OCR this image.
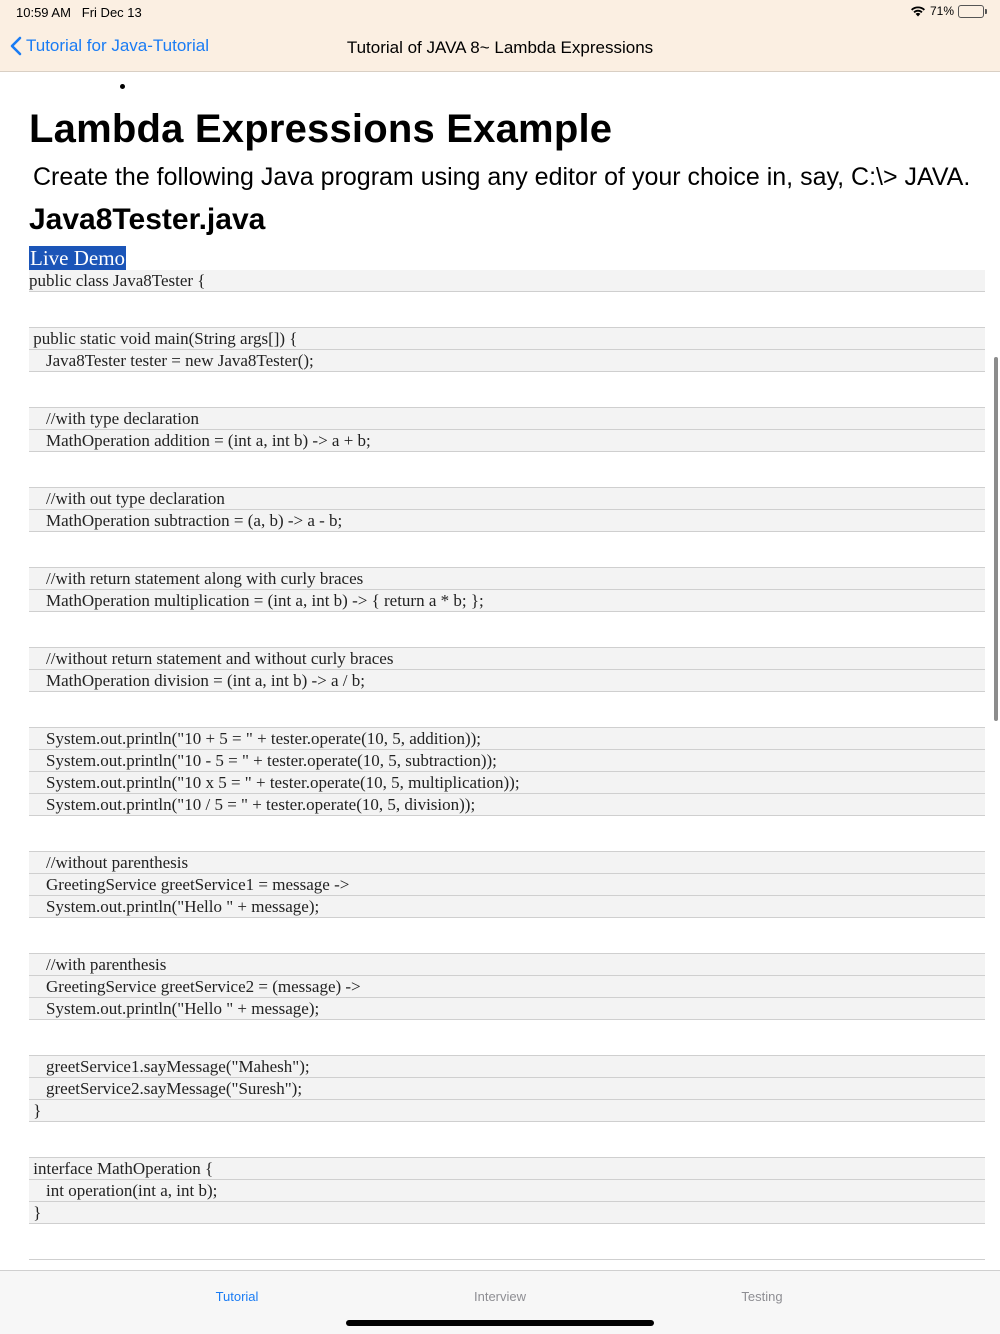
10:59 AM Fri Dec 13	71%
Tutorial for Java-Tutorial	Tutorial of JAVA 8~ Lambda Expressions
Lambda Expressions Example
Create the following Java program using any editor of your choice in, say, C:\> JAVA.
Java8Tester.java
Live Demo
public class Java8Tester {
public static void main(String args[]) {
Java8Tester tester = new Java8Tester();
//with type declaration
MathOperation addition = (int a, int b) -> a + b;
//with out type declaration
MathOperation subtraction = (a, b) -> a - b;
//with return statement along with curly braces
MathOperation multiplication = (int a, int b) -> { return a * b; };
//without return statement and without curly braces
MathOperation division = (int a, int b) -> a / b;
System.out.println("10 + 5 = " + tester.operate(10, 5, addition));
System.out.println("10 - 5 = " + tester.operate(10, 5, subtraction));
System.out.println("10 x 5 = " + tester.operate(10, 5, multiplication));
System.out.println("10 / 5 = " + tester.operate(10, 5, division));
//without parenthesis
GreetingService greetService1 = message ->
System.out.println("Hello " + message);
//with parenthesis
GreetingService greetService2 = (message) ->
System.out.println("Hello " + message);
greetService1.sayMessage("Mahesh");
greetService2.sayMessage("Suresh");
}
interface MathOperation {
int operation(int a, int b);
}
Tutorial	Interview	Testing
